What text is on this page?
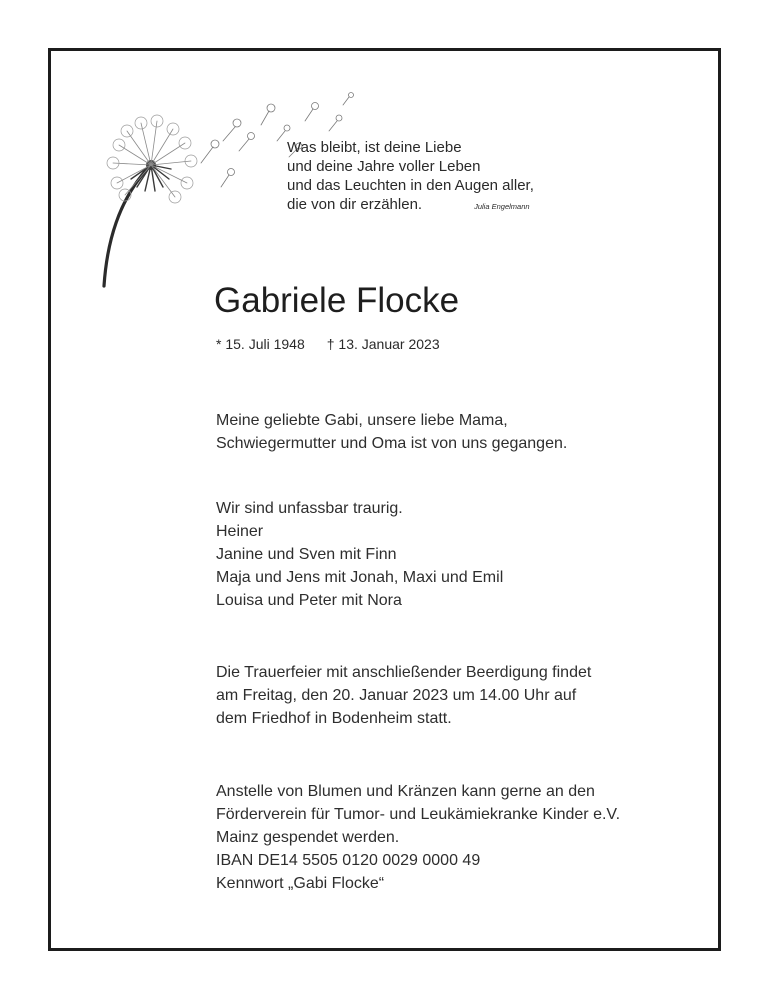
Was bleibt, ist deine Liebe
und deine Jahre voller Leben
und das Leuchten in den Augen aller,
die von dir erzählen.	Julia Engelmann
Gabriele Flocke
* 15. Juli 1948 † 13. Januar 2023
Meine geliebte Gabi, unsere liebe Mama,
Schwiegermutter und Oma ist von uns gegangen.
Wir sind unfassbar traurig.
Heiner
Janine und Sven mit Finn
Maja und Jens mit Jonah, Maxi und Emil
Louisa und Peter mit Nora
Die Trauerfeier mit anschließender Beerdigung findet
am Freitag, den 20. Januar 2023 um 14.00 Uhr auf
dem Friedhof in Bodenheim statt.
Anstelle von Blumen und Kränzen kann gerne an den
Förderverein für Tumor- und Leukämiekranke Kinder e.V.
Mainz gespendet werden.
IBAN DE14 5505 0120 0029 0000 49
Kennwort „Gabi Flocke“
